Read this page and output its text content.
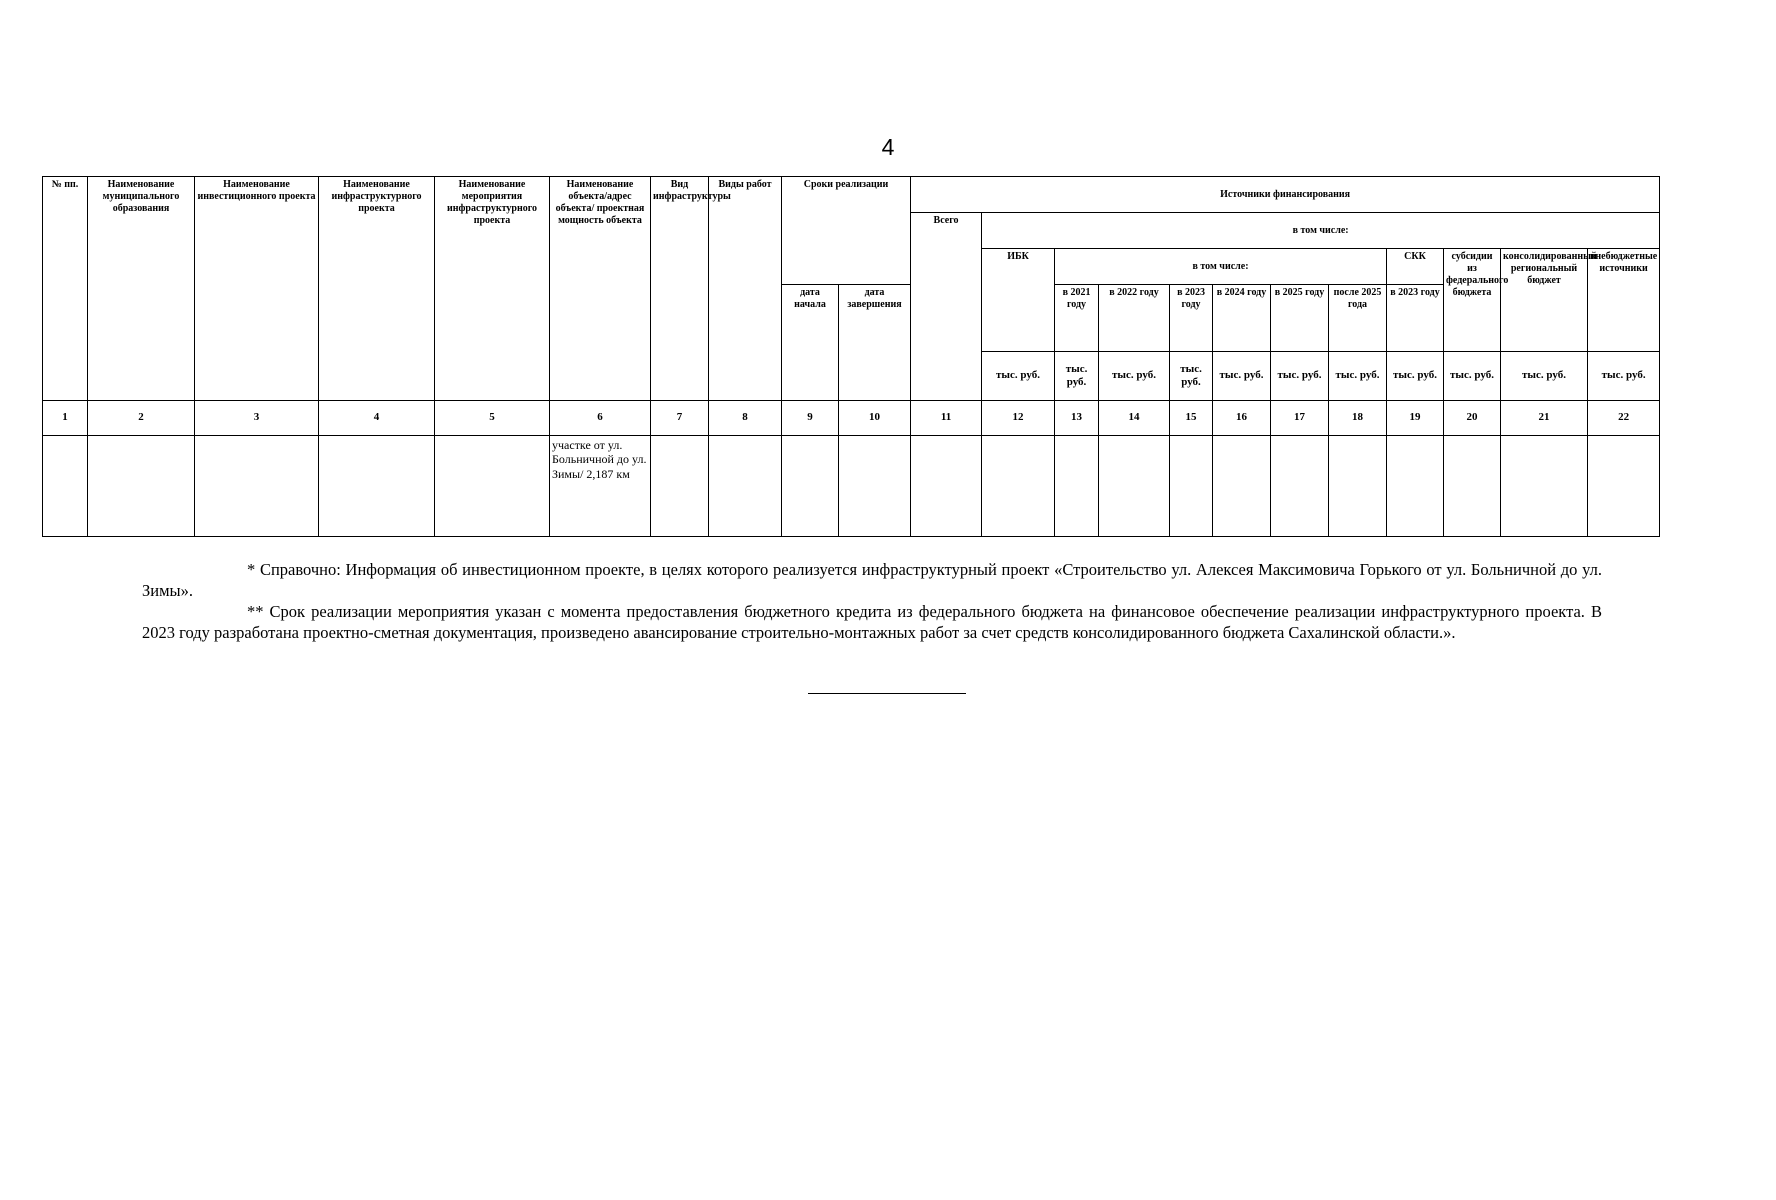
4
№ пп.	Наименование муниципального образования	Наименование инвестиционного проекта	Наименование инфраструктурного проекта	Наименование мероприятия инфраструктурного проекта	Наименование объекта/адрес объекта/ проектная мощность объекта	Вид инфраструктуры	Виды работ	Сроки реализации		Источники финансирования											
										Всего	в том числе:										
											ИБК	в том числе:						СКК	субсидии из федерального бюджета	консолидированный региональный бюджет	внебюджетные источники
								дата начала	дата завершения			в 2021 году	в 2022 году	в 2023 году	в 2024 году	в 2025 году	после 2025 года	в 2023 году			
											тыс. руб.	тыс. руб.	тыс. руб.	тыс. руб.	тыс. руб.	тыс. руб.	тыс. руб.	тыс. руб.	тыс. руб.	тыс. руб.	тыс. руб.
1	2	3	4	5	6	7	8	9	10	11	12	13	14	15	16	17	18	19	20	21	22
					участке от ул. Больничной до ул. Зимы/ 2,187 км																

* Справочно: Информация об инвестиционном проекте, в целях которого реализуется инфраструктурный проект «Строительство ул. Алексея Максимовича Горького от ул. Больничной до ул. Зимы».

** Срок реализации мероприятия указан с момента предоставления бюджетного кредита из федерального бюджета на финансовое обеспечение реализации инфраструктурного проекта. В 2023 году разработана проектно-сметная документация, произведено авансирование строительно-монтажных работ за счет средств консолидированного бюджета Сахалинской области.».
